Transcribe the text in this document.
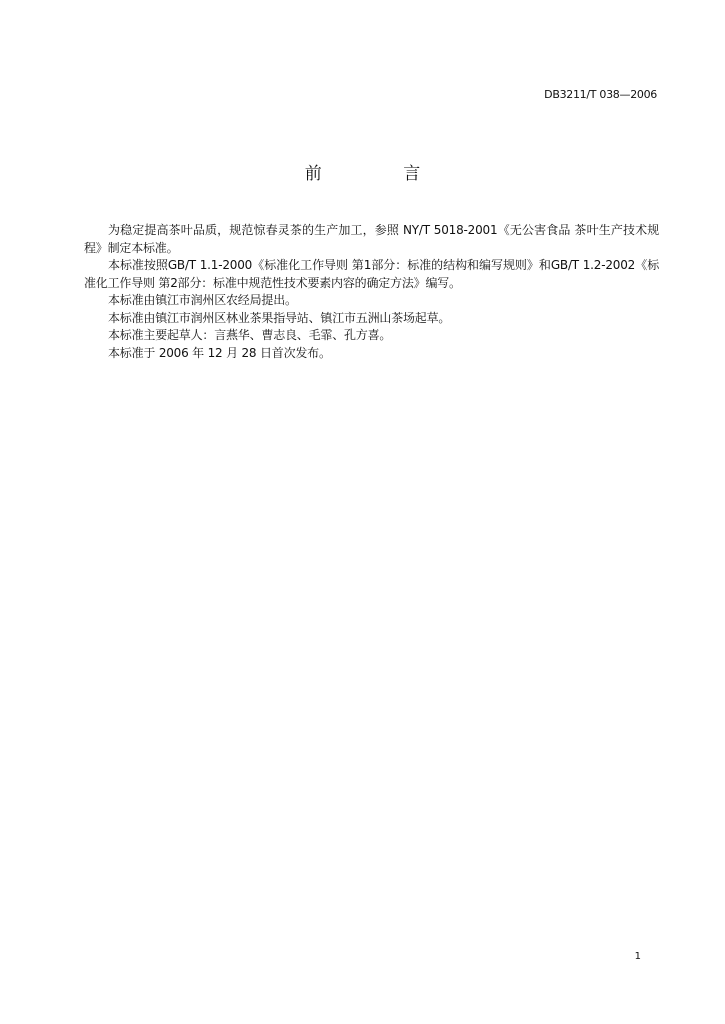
DB3211/T 038—2006
前 言

为稳定提高茶叶品质，规范惊春灵茶的生产加工，参照 NY/T 5018-2001《无公害食品 茶叶生产技术规程》制定本标准。

本标准按照GB/T 1.1-2000《标准化工作导则 第1部分：标准的结构和编写规则》和GB/T 1.2-2002《标准化工作导则 第2部分：标准中规范性技术要素内容的确定方法》编写。

本标准由镇江市润州区农经局提出。

本标准由镇江市润州区林业茶果指导站、镇江市五洲山茶场起草。

本标准主要起草人：言燕华、曹志良、毛霏、孔方喜。

本标准于 2006 年 12 月 28 日首次发布。

1
